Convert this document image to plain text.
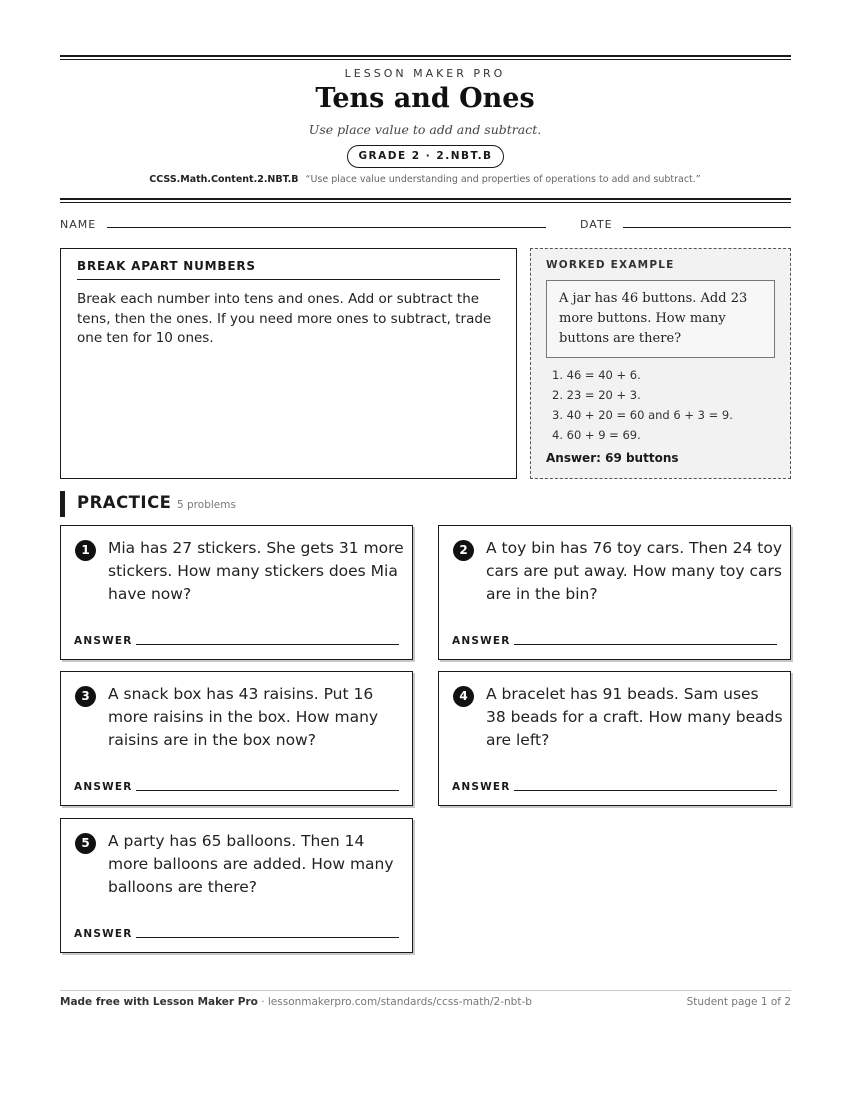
LESSON MAKER PRO
Tens and Ones
Use place value to add and subtract.
GRADE 2 · 2.NBT.B
CCSS.Math.Content.2.NBT.B “Use place value understanding and properties of operations to add and subtract.”
NAME	DATE
BREAK APART NUMBERS
Break each number into tens and ones. Add or subtract the tens, then the ones. If you need more ones to subtract, trade one ten for 10 ones.
WORKED EXAMPLE
A jar has 46 buttons. Add 23 more buttons. How many buttons are there?
1. 46 = 40 + 6.
2. 23 = 20 + 3.
3. 40 + 20 = 60 and 6 + 3 = 9.
4. 60 + 9 = 69.
Answer: 69 buttons
PRACTICE 5 problems
1	Mia has 27 stickers. She gets 31 more stickers. How many stickers does Mia have now?
ANSWER
2	A toy bin has 76 toy cars. Then 24 toy cars are put away. How many toy cars are in the bin?
ANSWER
3	A snack box has 43 raisins. Put 16 more raisins in the box. How many raisins are in the box now?
ANSWER
4	A bracelet has 91 beads. Sam uses 38 beads for a craft. How many beads are left?
ANSWER
5	A party has 65 balloons. Then 14 more balloons are added. How many balloons are there?
ANSWER
Made free with Lesson Maker Pro · lessonmakerpro.com/standards/ccss-math/2-nbt-b	Student page 1 of 2
